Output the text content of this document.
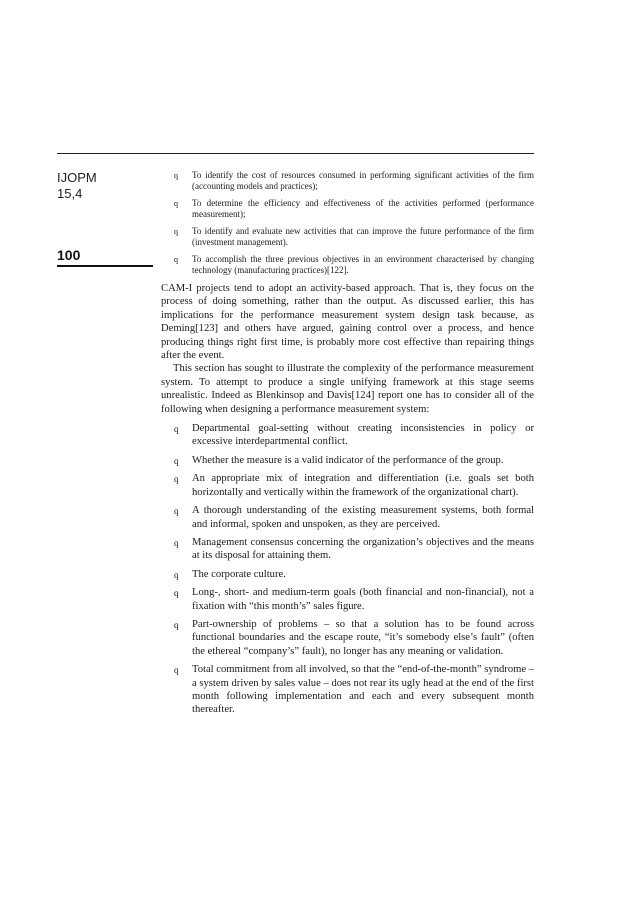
IJOPM
15,4
100
q To identify the cost of resources consumed in performing significant activities of the firm (accounting models and practices);
q To determine the efficiency and effectiveness of the activities performed (performance measurement);
q To identify and evaluate new activities that can improve the future performance of the firm (investment management).
q To accomplish the three previous objectives in an environment characterised by changing technology (manufacturing practices)[122].

CAM-I projects tend to adopt an activity-based approach. That is, they focus on the process of doing something, rather than the output. As discussed earlier, this has implications for the performance measurement system design task because, as Deming[123] and others have argued, gaining control over a process, and hence producing things right first time, is probably more cost effective than repairing things after the event.

This section has sought to illustrate the complexity of the performance measurement system. To attempt to produce a single unifying framework at this stage seems unrealistic. Indeed as Blenkinsop and Davis[124] report one has to consider all of the following when designing a performance measurement system:

q Departmental goal-setting without creating inconsistencies in policy or excessive interdepartmental conflict.
q Whether the measure is a valid indicator of the performance of the group.
q An appropriate mix of integration and differentiation (i.e. goals set both horizontally and vertically within the framework of the organizational chart).
q A thorough understanding of the existing measurement systems, both formal and informal, spoken and unspoken, as they are perceived.
q Management consensus concerning the organization’s objectives and the means at its disposal for attaining them.
q The corporate culture.
q Long-, short- and medium-term goals (both financial and non-financial), not a fixation with “this month’s” sales figure.
q Part-ownership of problems – so that a solution has to be found across functional boundaries and the escape route, “it’s somebody else’s fault” (often the ethereal “company’s” fault), no longer has any meaning or validation.
q Total commitment from all involved, so that the “end-of-the-month” syndrome – a system driven by sales value – does not rear its ugly head at the end of the first month following implementation and each and every subsequent month thereafter.
